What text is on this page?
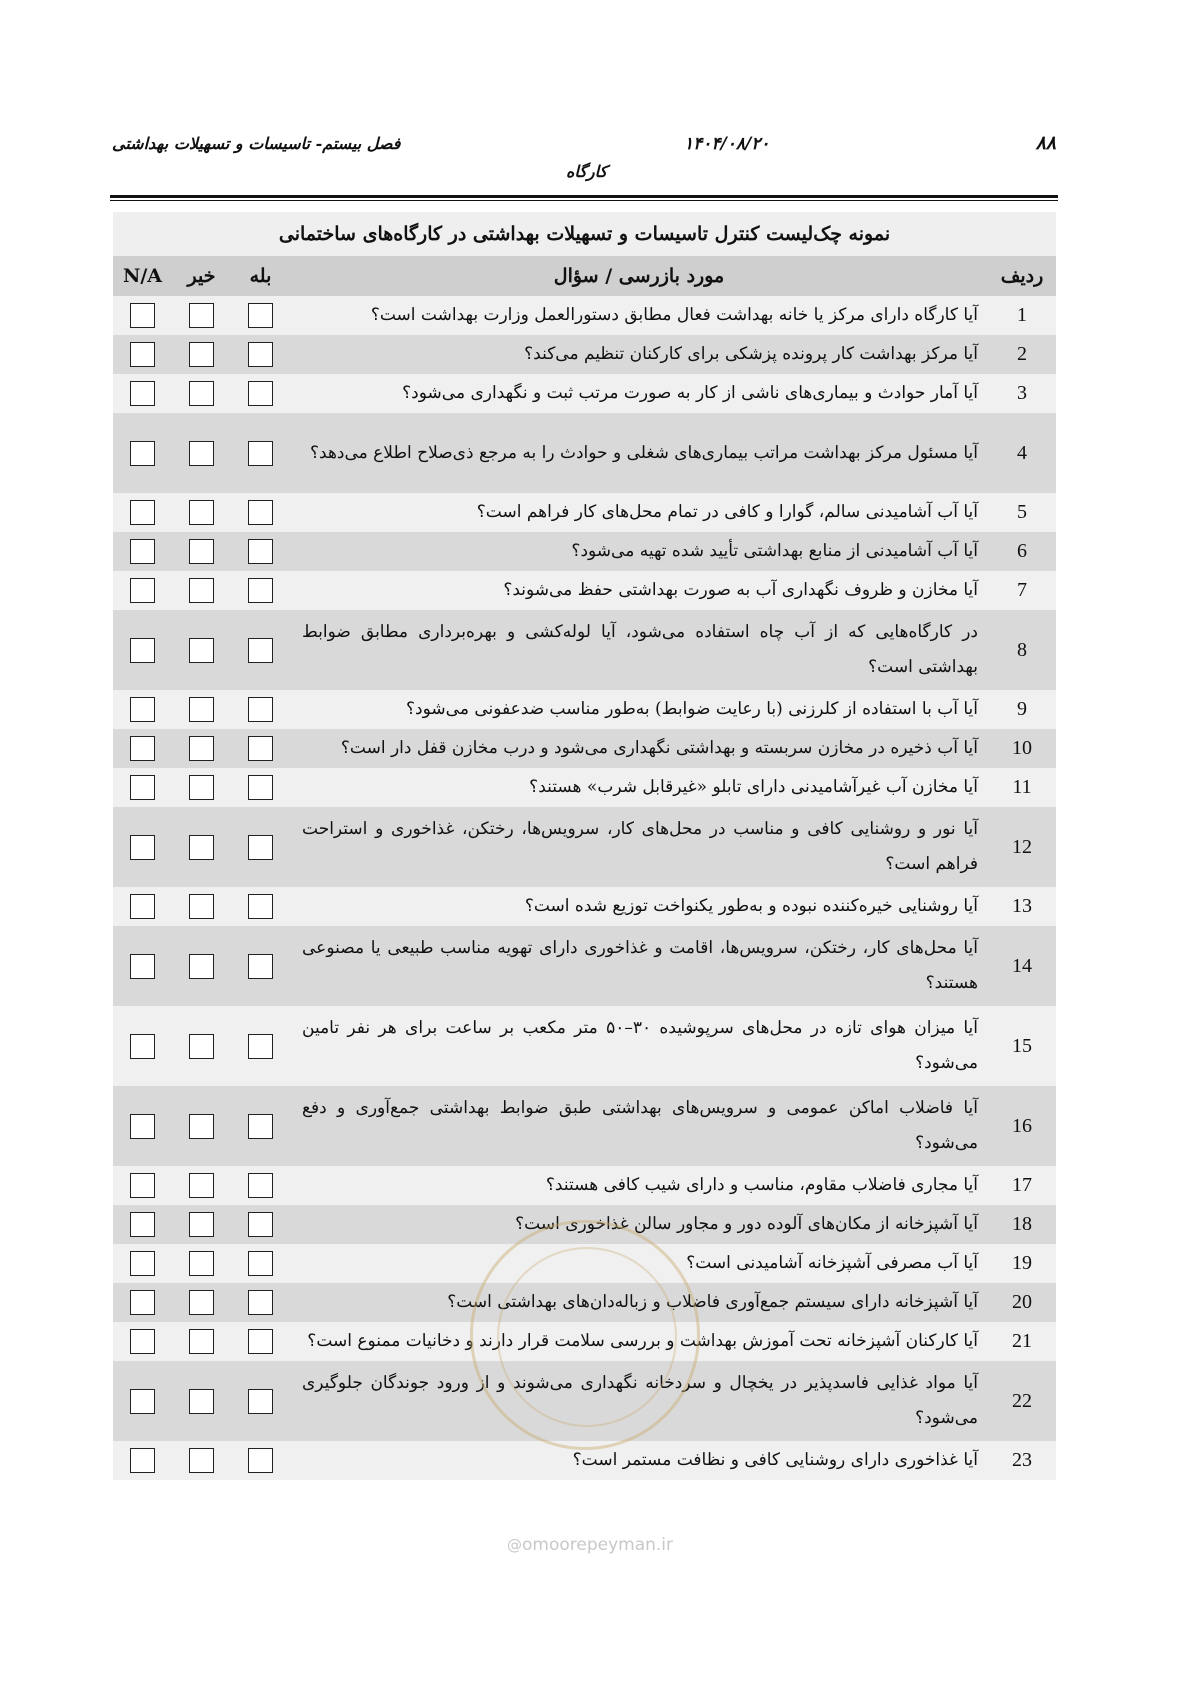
۸۸
۱۴۰۴/۰۸/۲۰
فصل بیستم- تاسیسات و تسهیلات بهداشتی
کارگاه
نمونه چک‌لیست کنترل تاسیسات و تسهیلات بهداشتی در کارگاه‌های ساختمانی				
ردیف	مورد بازرسی / سؤال	بله	خیر	N/A
1	آیا کارگاه دارای مرکز یا خانه بهداشت فعال مطابق دستورالعمل وزارت بهداشت است؟			
2	آیا مرکز بهداشت کار پرونده پزشکی برای کارکنان تنظیم می‌کند؟			
3	آیا آمار حوادث و بیماری‌های ناشی از کار به صورت مرتب ثبت و نگهداری می‌شود؟			
4	آیا مسئول مرکز بهداشت مراتب بیماری‌های شغلی و حوادث را به مرجع ذی‌صلاح اطلاع می‌دهد؟			
5	آیا آب آشامیدنی سالم، گوارا و کافی در تمام محل‌های کار فراهم است؟			
6	آیا آب آشامیدنی از منابع بهداشتی تأیید شده تهیه می‌شود؟			
7	آیا مخازن و ظروف نگهداری آب به صورت بهداشتی حفظ می‌شوند؟			
8	در کارگاه‌هایی که از آب چاه استفاده می‌شود، آیا لوله‌کشی و بهره‌برداری مطابق ضوابط بهداشتی است؟			
9	آیا آب با استفاده از کلرزنی (با رعایت ضوابط) به‌طور مناسب ضدعفونی می‌شود؟			
10	آیا آب ذخیره در مخازن سربسته و بهداشتی نگهداری می‌شود و درب مخازن قفل دار است؟			
11	آیا مخازن آب غیرآشامیدنی دارای تابلو «غیرقابل شرب» هستند؟			
12	آیا نور و روشنایی کافی و مناسب در محل‌های کار، سرویس‌ها، رختکن، غذاخوری و استراحت فراهم است؟			
13	آیا روشنایی خیره‌کننده نبوده و به‌طور یکنواخت توزیع شده است؟			
14	آیا محل‌های کار، رختکن، سرویس‌ها، اقامت و غذاخوری دارای تهویه مناسب طبیعی یا مصنوعی هستند؟			
15	آیا میزان هوای تازه در محل‌های سرپوشیده ۳۰–۵۰ متر مکعب بر ساعت برای هر نفر تامین می‌شود؟			
16	آیا فاضلاب اماکن عمومی و سرویس‌های بهداشتی طبق ضوابط بهداشتی جمع‌آوری و دفع می‌شود؟			
17	آیا مجاری فاضلاب مقاوم، مناسب و دارای شیب کافی هستند؟			
18	آیا آشپزخانه از مکان‌های آلوده دور و مجاور سالن غذاخوری است؟			
19	آیا آب مصرفی آشپزخانه آشامیدنی است؟			
20	آیا آشپزخانه دارای سیستم جمع‌آوری فاضلاب و زباله‌دان‌های بهداشتی است؟			
21	آیا کارکنان آشپزخانه تحت آموزش بهداشت و بررسی سلامت قرار دارند و دخانیات ممنوع است؟			
22	آیا مواد غذایی فاسدپذیر در یخچال و سردخانه نگهداری می‌شوند و از ورود جوندگان جلوگیری می‌شود؟			
23	آیا غذاخوری دارای روشنایی کافی و نظافت مستمر است؟			
@omoorepeyman.ir
